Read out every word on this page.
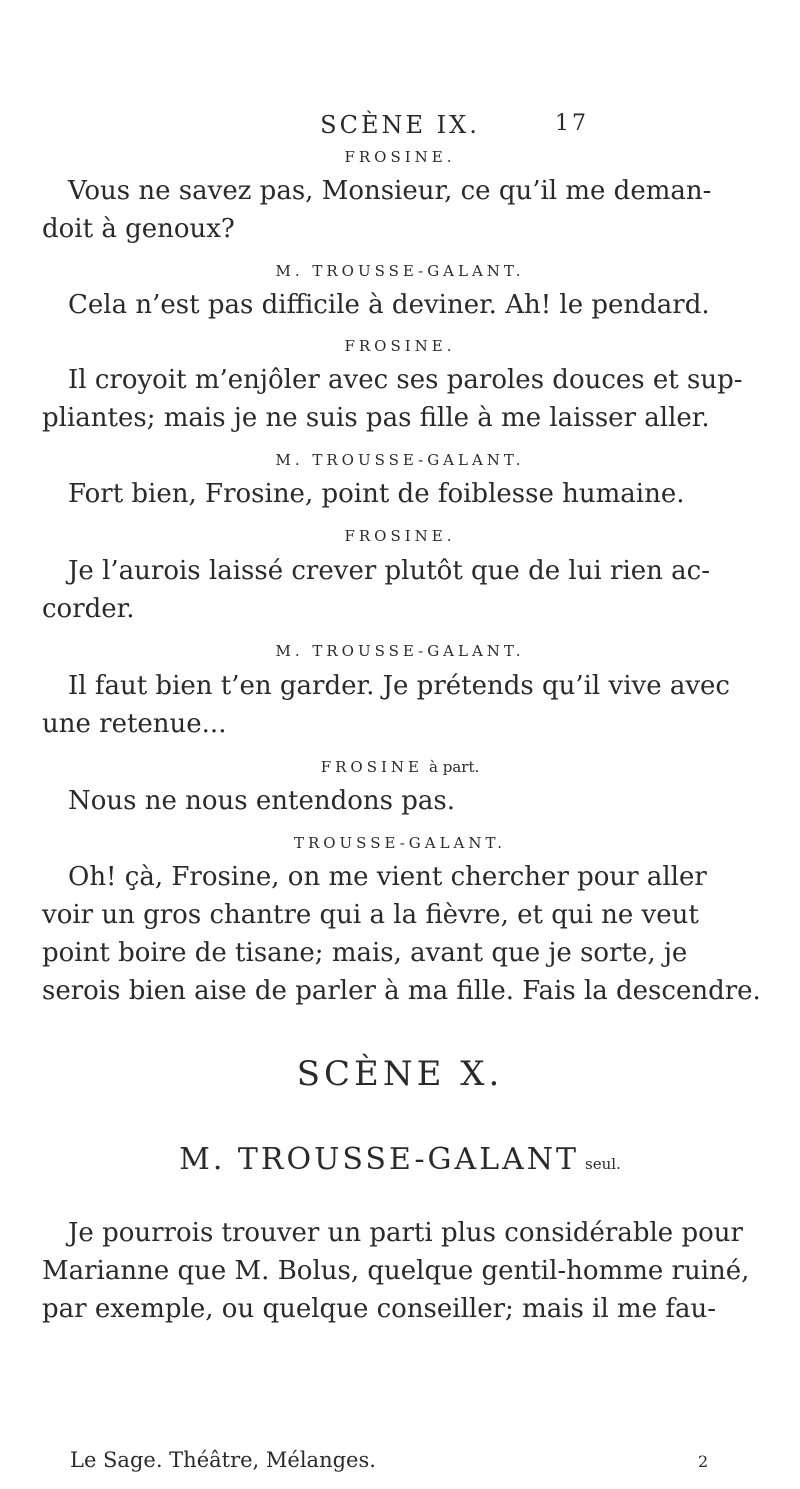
SCÈNE IX.	17
FROSINE.
Vous ne savez pas, Monsieur, ce qu’il me deman-
doit à genoux?
M. TROUSSE-GALANT.
Cela n’est pas difficile à deviner. Ah! le pendard.
FROSINE.
Il croyoit m’enjôler avec ses paroles douces et sup-
pliantes; mais je ne suis pas fille à me laisser aller.
M. TROUSSE-GALANT.
Fort bien, Frosine, point de foiblesse humaine.
FROSINE.
Je l’aurois laissé crever plutôt que de lui rien ac-
corder.
M. TROUSSE-GALANT.
Il faut bien t’en garder. Je prétends qu’il vive avec
une retenue...
FROSINE à part.
Nous ne nous entendons pas.
TROUSSE-GALANT.
Oh! çà, Frosine, on me vient chercher pour aller
voir un gros chantre qui a la fièvre, et qui ne veut
point boire de tisane; mais, avant que je sorte, je
serois bien aise de parler à ma fille. Fais la descendre.
SCÈNE X.
M. TROUSSE-GALANT seul.
Je pourrois trouver un parti plus considérable pour
Marianne que M. Bolus, quelque gentil-homme ruiné,
par exemple, ou quelque conseiller; mais il me fau-
Le Sage. Théâtre, Mélanges.	2
